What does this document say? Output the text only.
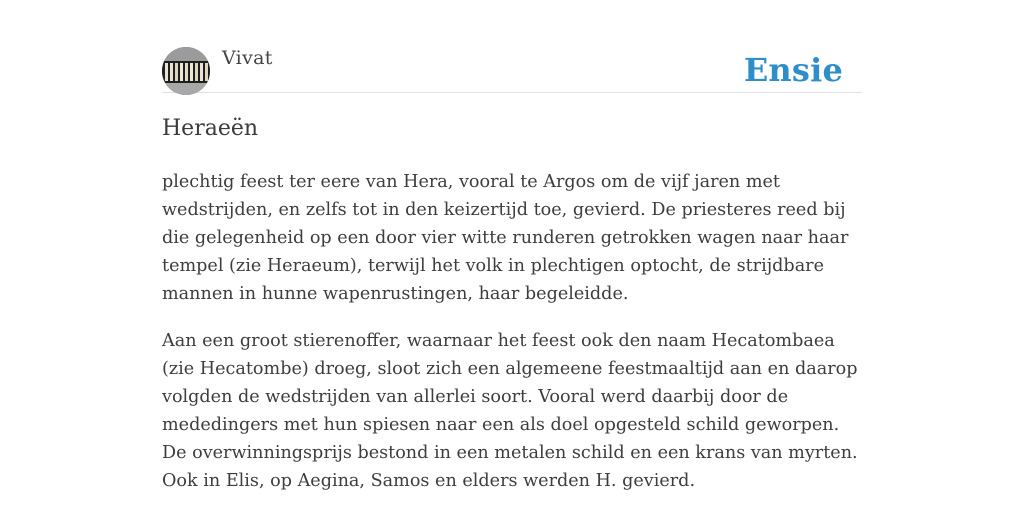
Vivat	Ensie
Heraeën

plechtig feest ter eere van Hera, vooral te Argos om de vijf jaren met wedstrijden, en zelfs tot in den keizertijd toe, gevierd. De priesteres reed bij die gelegenheid op een door vier witte runderen getrokken wagen naar haar tempel (zie Heraeum), terwijl het volk in plechtigen optocht, de strijdbare mannen in hunne wapenrustingen, haar begeleidde.

Aan een groot stierenoffer, waarnaar het feest ook den naam Hecatombaea (zie Hecatombe) droeg, sloot zich een algemeene feestmaaltijd aan en daarop volgden de wedstrijden van allerlei soort. Vooral werd daarbij door de mededingers met hun spiesen naar een als doel opgesteld schild geworpen. De overwinningsprijs bestond in een metalen schild en een krans van myrten. Ook in Elis, op Aegina, Samos en elders werden H. gevierd.
